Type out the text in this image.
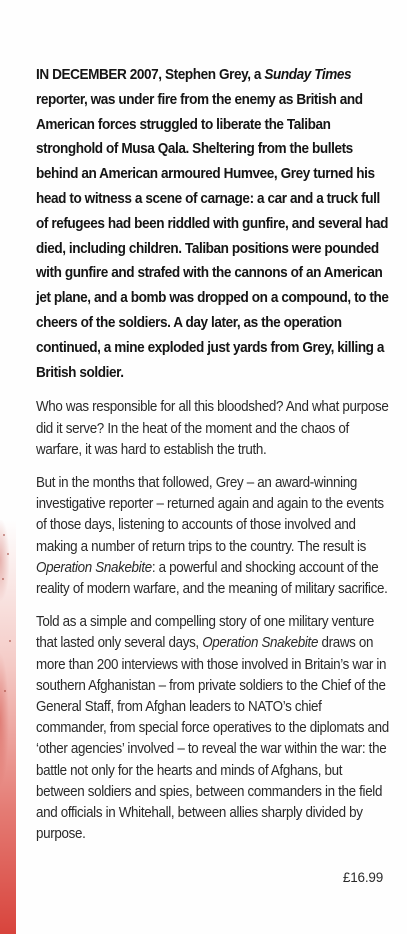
IN DECEMBER 2007, Stephen Grey, a Sunday Times reporter, was under fire from the enemy as British and American forces struggled to liberate the Taliban stronghold of Musa Qala. Sheltering from the bullets behind an American armoured Humvee, Grey turned his head to witness a scene of carnage: a car and a truck full of refugees had been riddled with gunfire, and several had died, including children. Taliban positions were pounded with gunfire and strafed with the cannons of an American jet plane, and a bomb was dropped on a compound, to the cheers of the soldiers. A day later, as the operation continued, a mine exploded just yards from Grey, killing a British soldier.

Who was responsible for all this bloodshed? And what purpose did it serve? In the heat of the moment and the chaos of warfare, it was hard to establish the truth.

But in the months that followed, Grey – an award-winning investigative reporter – returned again and again to the events of those days, listening to accounts of those involved and making a number of return trips to the country. The result is Operation Snakebite: a powerful and shocking account of the reality of modern warfare, and the meaning of military sacrifice.

Told as a simple and compelling story of one military venture that lasted only several days, Operation Snakebite draws on more than 200 interviews with those involved in Britain’s war in southern Afghanistan – from private soldiers to the Chief of the General Staff, from Afghan leaders to NATO’s chief commander, from special force operatives to the diplomats and ‘other agencies’ involved – to reveal the war within the war: the battle not only for the hearts and minds of Afghans, but between soldiers and spies, between commanders in the field and officials in Whitehall, between allies sharply divided by purpose.

£16.99
